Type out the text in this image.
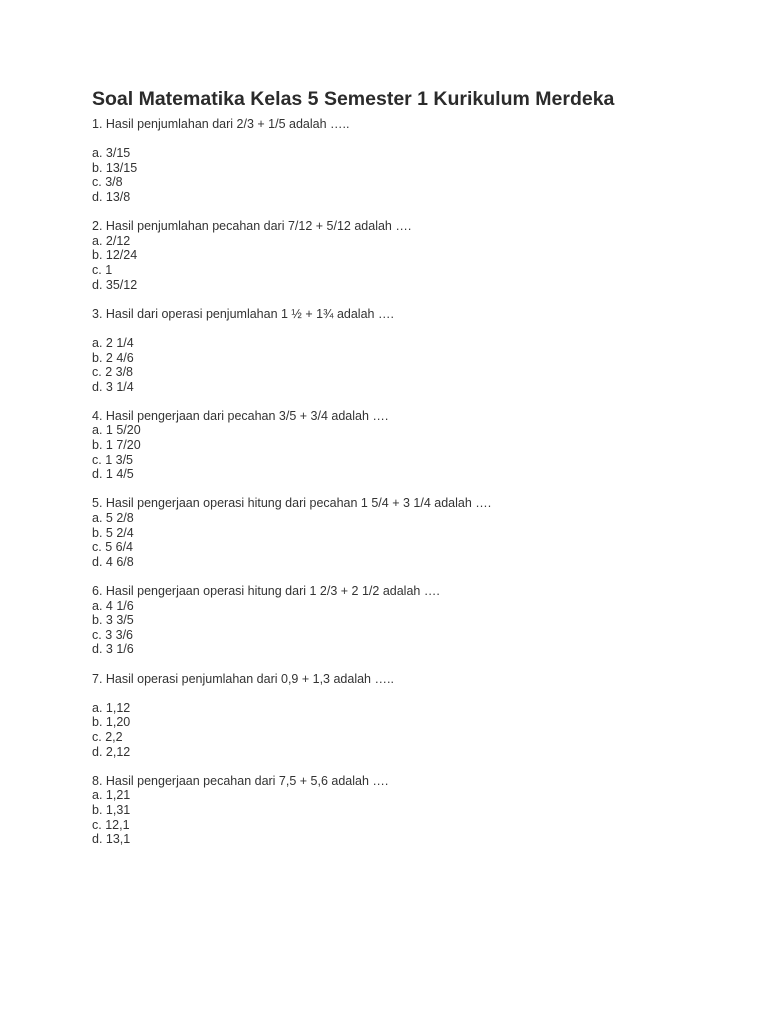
Soal Matematika Kelas 5 Semester 1 Kurikulum Merdeka
1. Hasil penjumlahan dari 2/3 + 1/5 adalah …..
a. 3/15
b. 13/15
c. 3/8
d. 13/8
2. Hasil penjumlahan pecahan dari 7/12 + 5/12 adalah ….
a. 2/12
b. 12/24
c. 1
d. 35/12
3. Hasil dari operasi penjumlahan 1 ½ + 1¾ adalah ….
a. 2 1/4
b. 2 4/6
c. 2 3/8
d. 3 1/4
4. Hasil pengerjaan dari pecahan 3/5 + 3/4 adalah ….
a. 1 5/20
b. 1 7/20
c. 1 3/5
d. 1 4/5
5. Hasil pengerjaan operasi hitung dari pecahan 1 5/4 + 3 1/4 adalah ….
a. 5 2/8
b. 5 2/4
c. 5 6/4
d. 4 6/8
6. Hasil pengerjaan operasi hitung dari 1 2/3 + 2 1/2 adalah ….
a. 4 1/6
b. 3 3/5
c. 3 3/6
d. 3 1/6
7. Hasil operasi penjumlahan dari 0,9 + 1,3 adalah …..
a. 1,12
b. 1,20
c. 2,2
d. 2,12
8. Hasil pengerjaan pecahan dari 7,5 + 5,6 adalah ….
a. 1,21
b. 1,31
c. 12,1
d. 13,1
